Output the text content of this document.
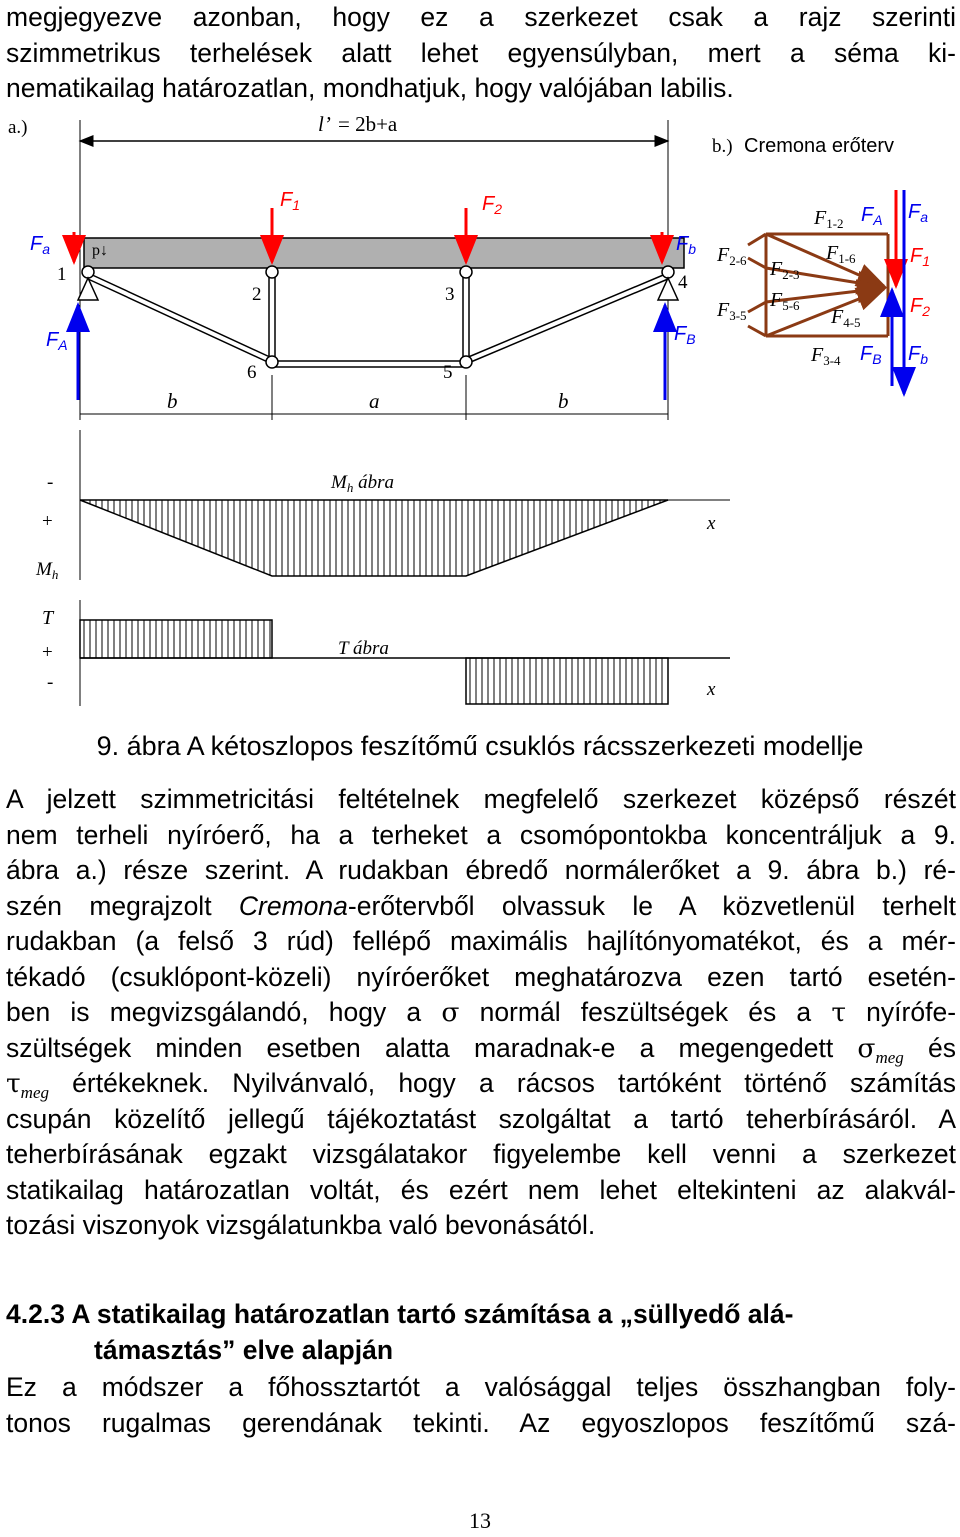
megjegyezve azonban, hogy ez a szerkezet csak a rajz szerinti
szimmetrikus terhelések alatt lehet egyensúlyban, mert a séma ki-
nematikailag határozatlan, mondhatjuk, hogy valójában labilis.
a.)	l’ = 2b+a
b.) Cremona erőterv
p↓
1
2	3
4
6	5
$F_a$
$F_A$
$F_1$	$F_2$
$F_b$
$F_B$
b	a	b
$F_{1-2}$
$F_{1-6}$
$F_{2-6}$ $F_{2-3}$
$F_{3-5}$
$F_{5-6}$
$F_{4-5}$
$F_{3-4}$
$F_A$ $F_a$
$F_1$
$F_2$
$F_B$ $F_b$
-
+
$M_h$ ábra
x
$M_h$
T
+
-
T ábra
x
9. ábra A kétoszlopos feszítőmű csuklós rácsszerkezeti modellje
A jelzett szimmetricitási feltételnek megfelelő szerkezet középső részét
nem terheli nyíróerő, ha a terheket a csomópontokba koncentráljuk a 9.
ábra a.) része szerint. A rudakban ébredő normálerőket a 9. ábra b.) ré-
szén megrajzolt Cremona-erőtervből olvassuk le A közvetlenül terhelt
rudakban (a felső 3 rúd) fellépő maximális hajlítónyomatékot, és a mér-
tékadó (csuklópont-közeli) nyíróerőket meghatározva ezen tartó esetén-
ben is megvizsgálandó, hogy a σ normál feszültségek és a τ nyírófe-
szültségek minden esetben alatta maradnak-e a megengedett $\sigma_{meg}$ és
$\tau_{meg}$ értékeknek. Nyilvánvaló, hogy a rácsos tartóként történő számítás
csupán közelítő jellegű tájékoztatást szolgáltat a tartó teherbírásáról. A
teherbírásának egzakt vizsgálatakor figyelembe kell venni a szerkezet
statikailag határozatlan voltát, és ezért nem lehet eltekinteni az alakvál-
tozási viszonyok vizsgálatunkba való bevonásától.
4.2.3 A statikailag határozatlan tartó számítása a „süllyedő alá-
támasztás” elve alapján
Ez a módszer a főhossztartót a valósággal teljes összhangban foly-
tonos rugalmas gerendának tekinti. Az egyoszlopos feszítőmű szá-
13
